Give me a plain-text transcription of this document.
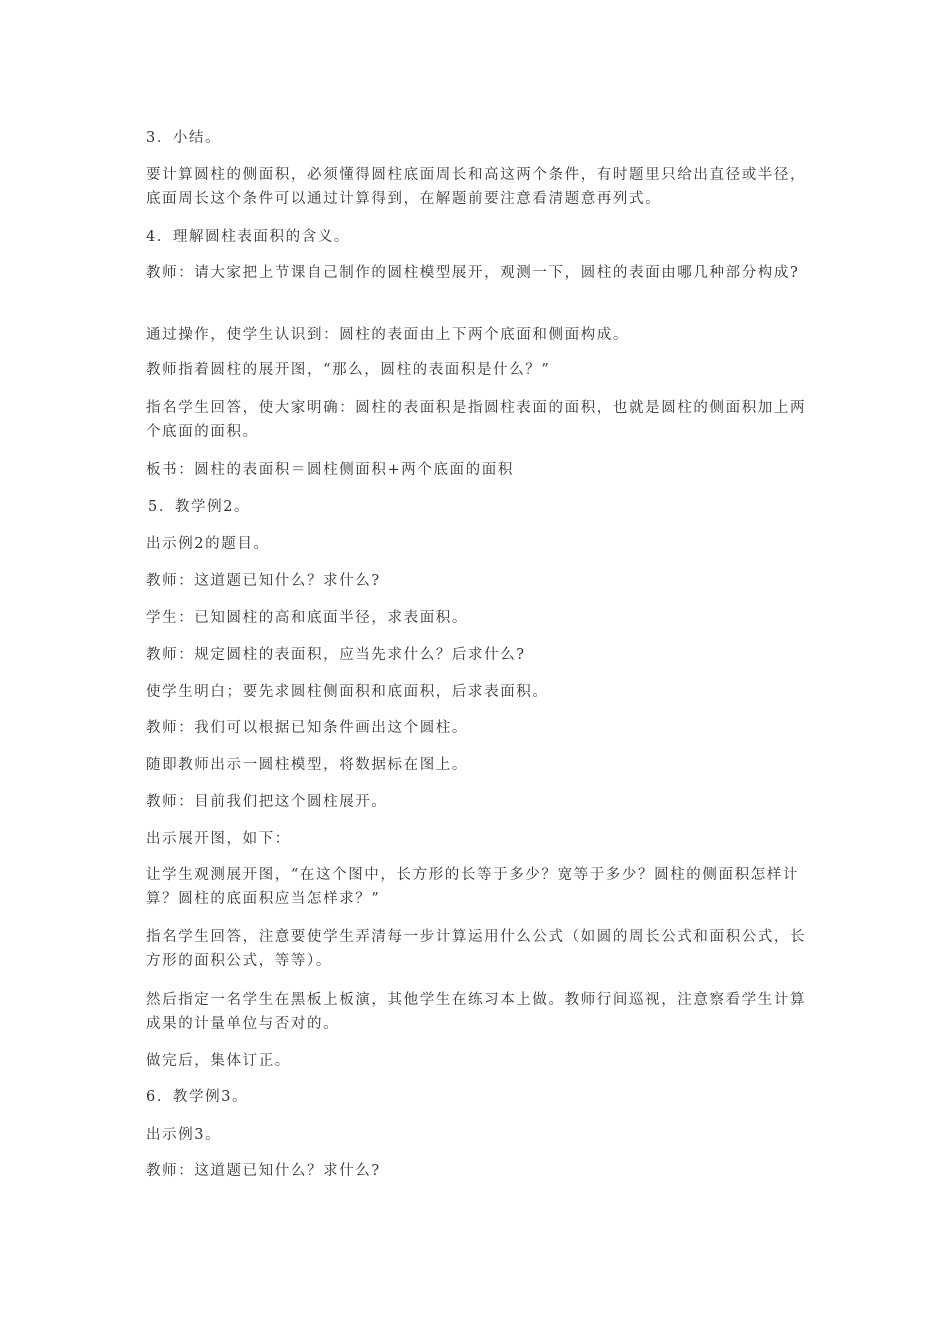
3．小结。

要计算圆柱的侧面积，必须懂得圆柱底面周长和高这两个条件，有时题里只给出直径或半径，底面周长这个条件可以通过计算得到，在解题前要注意看清题意再列式。

4．理解圆柱表面积的含义。

教师：请大家把上节课自己制作的圆柱模型展开，观测一下，圆柱的表面由哪几种部分构成?

通过操作，使学生认识到：圆柱的表面由上下两个底面和侧面构成。

教师指着圆柱的展开图，“那么，圆柱的表面积是什么？”

指名学生回答，使大家明确：圆柱的表面积是指圆柱表面的面积，也就是圆柱的侧面积加上两个底面的面积。

板书：圆柱的表面积＝圆柱侧面积+两个底面的面积

5．教学例2。

出示例2的题目。

教师：这道题已知什么？求什么?

学生：已知圆柱的高和底面半径，求表面积。

教师：规定圆柱的表面积，应当先求什么？后求什么?

使学生明白；要先求圆柱侧面积和底面积，后求表面积。

教师：我们可以根据已知条件画出这个圆柱。

随即教师出示一圆柱模型，将数据标在图上。

教师：目前我们把这个圆柱展开。

出示展开图，如下：

让学生观测展开图，“在这个图中，长方形的长等于多少？宽等于多少？圆柱的侧面积怎样计算？圆柱的底面积应当怎样求？”

指名学生回答，注意要使学生弄清每一步计算运用什么公式（如圆的周长公式和面积公式，长方形的面积公式，等等）。

然后指定一名学生在黑板上板演，其他学生在练习本上做。教师行间巡视，注意察看学生计算成果的计量单位与否对的。

做完后，集体订正。

6．教学例3。

出示例3。

教师：这道题已知什么？求什么?
